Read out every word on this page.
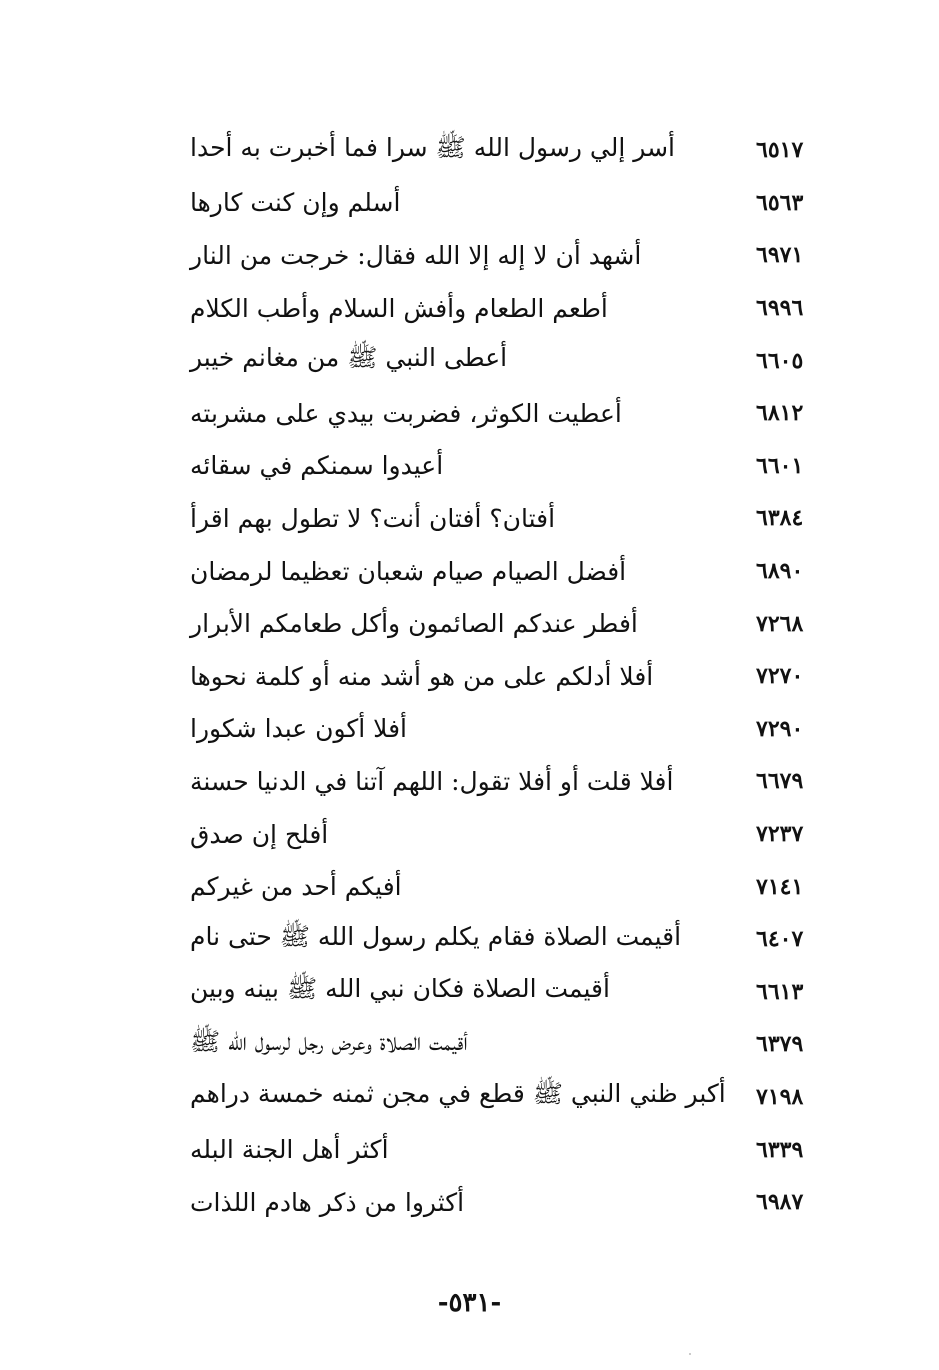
أسر إلي رسول الله ﷺ سرا فما أخبرت به أحدا	٦٥١٧
أسلم وإن كنت كارها	٦٥٦٣
أشهد أن لا إله إلا الله فقال: خرجت من النار	٦٩٧١
أطعم الطعام وأفش السلام وأطب الكلام	٦٩٩٦
أعطى النبي ﷺ من مغانم خيبر	٦٦٠٥
أعطيت الكوثر، فضربت بيدي على مشربته	٦٨١٢
أعيدوا سمنكم في سقائه	٦٦٠١
أفتان؟ أفتان أنت؟ لا تطول بهم اقرأ	٦٣٨٤
أفضل الصيام صيام شعبان تعظيما لرمضان	٦٨٩٠
أفطر عندكم الصائمون وأكل طعامكم الأبرار	٧٢٦٨
أفلا أدلكم على من هو أشد منه أو كلمة نحوها	٧٢٧٠
أفلا أكون عبدا شكورا	٧٢٩٠
أفلا قلت أو أفلا تقول: اللهم آتنا في الدنيا حسنة	٦٦٧٩
أفلح إن صدق	٧٢٣٧
أفيكم أحد من غيركم	٧١٤١
أقيمت الصلاة فقام يكلم رسول الله ﷺ حتى نام	٦٤٠٧
أقيمت الصلاة فكان نبي الله ﷺ بينه وبين	٦٦١٣
أقيمت الصلاة وعرض رجل لرسول الله ﷺ	٦٣٧٩
أكبر ظني النبي ﷺ قطع في مجن ثمنه خمسة دراهم ٧١٩٨
أكثر أهل الجنة البله	٦٣٣٩
أكثروا من ذكر هادم اللذات	٦٩٨٧
-٥٣١-
